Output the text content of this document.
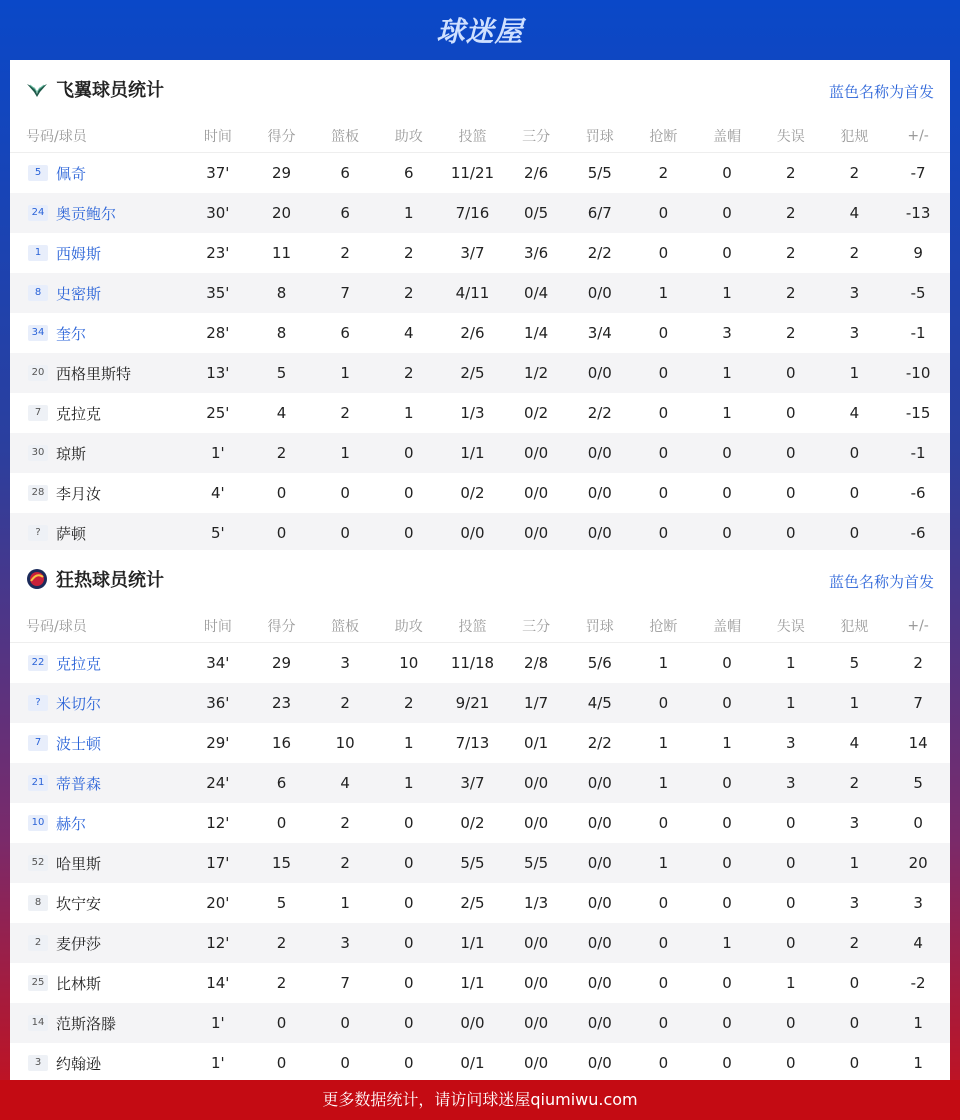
球迷屋
飞翼球员统计	蓝色名称为首发
号码/球员	时间	得分	篮板	助攻	投篮	三分	罚球	抢断	盖帽	失误	犯规	+/-
5 佩奇	37'	29	6	6	11/21	2/6	5/5	2	0	2	2	-7
24 奥贡鲍尔	30'	20	6	1	7/16	0/5	6/7	0	0	2	4	-13
1 西姆斯	23'	11	2	2	3/7	3/6	2/2	0	0	2	2	9
8 史密斯	35'	8	7	2	4/11	0/4	0/0	1	1	2	3	-5
34 奎尔	28'	8	6	4	2/6	1/4	3/4	0	3	2	3	-1
20 西格里斯特	13'	5	1	2	2/5	1/2	0/0	0	1	0	1	-10
7 克拉克	25'	4	2	1	1/3	0/2	2/2	0	1	0	4	-15
30 琼斯	1'	2	1	0	1/1	0/0	0/0	0	0	0	0	-1
28 李月汝	4'	0	0	0	0/2	0/0	0/0	0	0	0	0	-6
? 萨顿	5'	0	0	0	0/0	0/0	0/0	0	0	0	0	-6
狂热球员统计	蓝色名称为首发
号码/球员	时间	得分	篮板	助攻	投篮	三分	罚球	抢断	盖帽	失误	犯规	+/-
22 克拉克	34'	29	3	10	11/18	2/8	5/6	1	0	1	5	2
? 米切尔	36'	23	2	2	9/21	1/7	4/5	0	0	1	1	7
7 波士顿	29'	16	10	1	7/13	0/1	2/2	1	1	3	4	14
21 蒂普森	24'	6	4	1	3/7	0/0	0/0	1	0	3	2	5
10 赫尔	12'	0	2	0	0/2	0/0	0/0	0	0	0	3	0
52 哈里斯	17'	15	2	0	5/5	5/5	0/0	1	0	0	1	20
8 坎宁安	20'	5	1	0	2/5	1/3	0/0	0	0	0	3	3
2 麦伊莎	12'	2	3	0	1/1	0/0	0/0	0	1	0	2	4
25 比林斯	14'	2	7	0	1/1	0/0	0/0	0	0	1	0	-2
14 范斯洛滕	1'	0	0	0	0/0	0/0	0/0	0	0	0	0	1
3 约翰逊	1'	0	0	0	0/1	0/0	0/0	0	0	0	0	1
更多数据统计，请访问球迷屋qiumiwu.com
